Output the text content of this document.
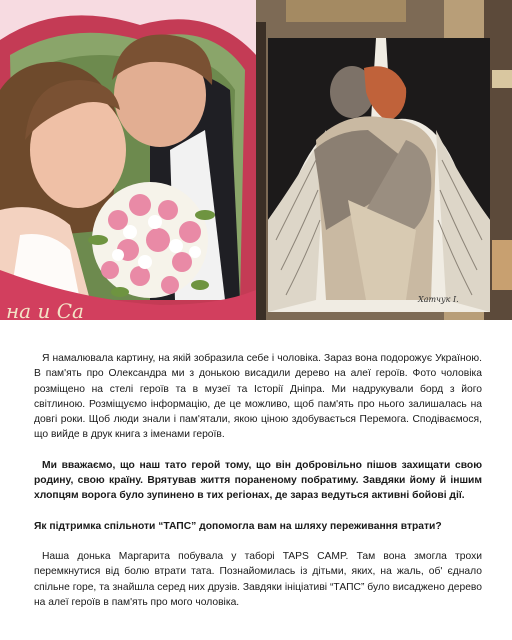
на и Са	Хатчук I.

Я намалювала картину, на якій зобразила себе і чоловіка. Зараз вона подорожує Україною. В пам'ять про Олександра ми з донькою висадили дерево на алеї героїв. Фото чоловіка розміщено на стелі героїв та в музеї та Історії Дніпра. Ми надрукували борд з його світлиною. Розміщуємо інформацію, де це можливо, щоб пам'ять про нього залишалась на довгі роки. Щоб люди знали і пам'ятали, якою ціною здобувається Перемога. Сподіваємося, що вийде в друк книга з іменами героїв.

Ми вважаємо, що наш тато герой тому, що він добровільно пішов захищати свою родину, свою країну. Врятував життя пораненому побратиму. Завдяки йому й іншим хлопцям ворога було зупинено в тих регіонах, де зараз ведуться активні бойові дії.

Як підтримка спільноти “ТАПС” допомогла вам на шляху переживання втрати?

Наша донька Маргарита побувала у таборі TAPS CAMP. Там вона змогла трохи перемкнутися від болю втрати тата. Познайомилась із дітьми, яких, на жаль, об' єднало спільне горе, та знайшла серед них друзів. Завдяки ініціативі “ТАПС” було висаджено дерево на алеї героїв в пам'ять про мого чоловіка.
